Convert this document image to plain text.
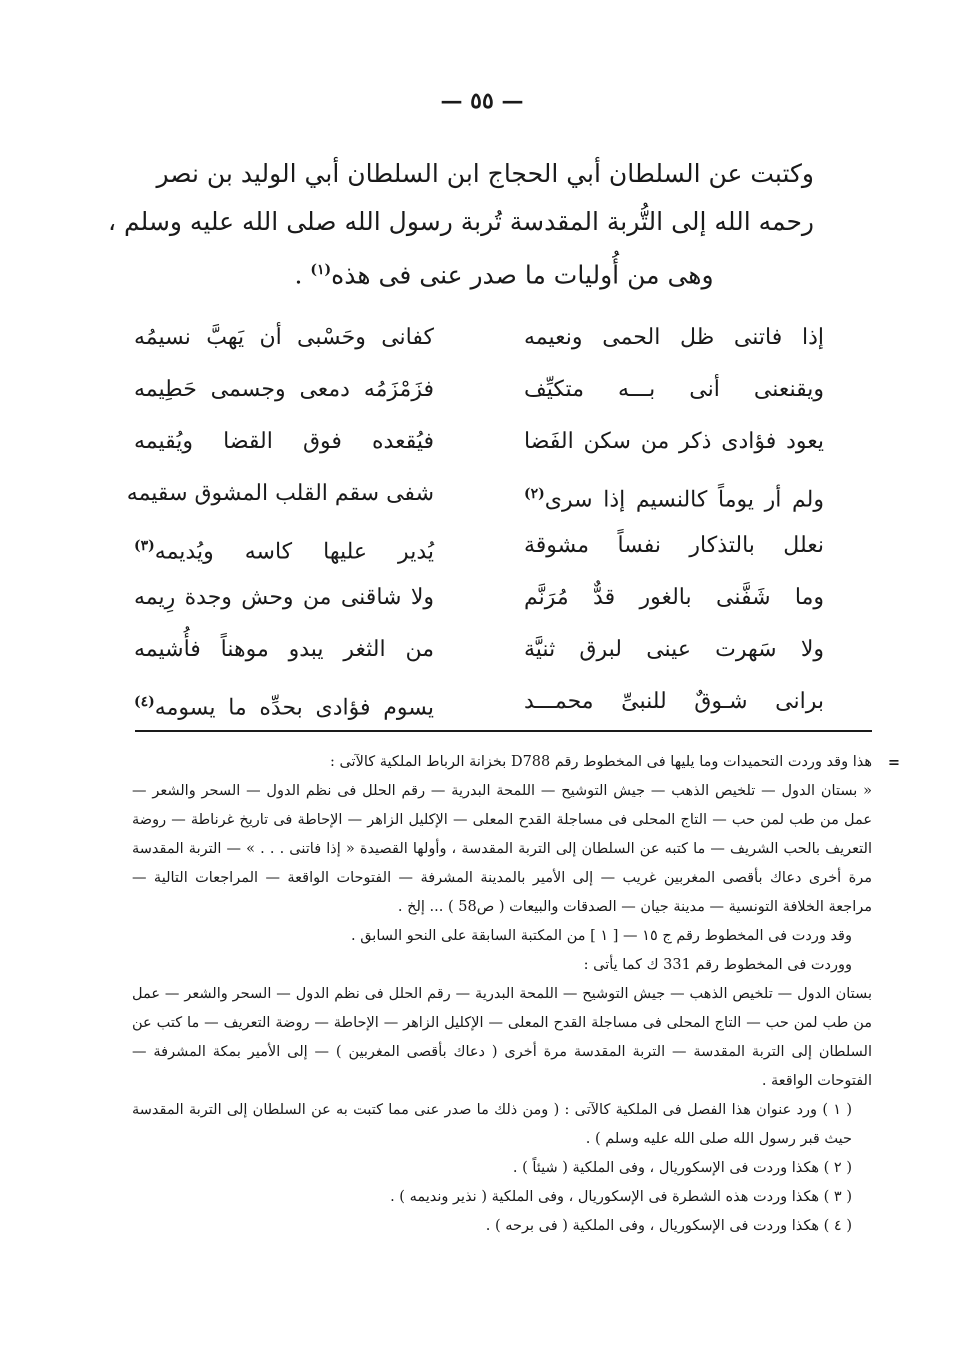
— ٥٥ —
وكتبت عن السلطان أبي الحجاج ابن السلطان أبي الوليد بن نصر
رحمه الله إلى التُّربة المقدسة تُربة رسول الله صلى الله عليه وسلم ،
وهى من أُوليات ما صدر عنى فى هذه$^{(١)}$ .
إذا فاتنى ظل الحمى ونعيمه
كفانى وحَسْبى أن يَهبَّ نسيمُه
ويقنعنى أنى بـــه متكيِّف
فزَمْزَمُه دمعى وجسمى حَطِيمه
يعود فؤادى ذكر من سكن الفَضا
فيُقعده فوق القضا ويُقيمه
ولم أر يوماً كالنسيم إذا سرى$^{(٢)}$
شفى سقم القلب المشوق سقيمه
نعلل بالتذكار نفساً مشوقة
يُدير عليها كاسه ويُديمه$^{(٣)}$
وما شَفَّنى بالغور قدٌّ مُرَنَّم
ولا شاقنى من وحش وجدة رِيمه
ولا سَهرت عينى لبرق ثنيَّة
من الثغر يبدو موهناً فأُشيمه
برانى شـوقٌ للنبىِّ محمـــد
يسوم فؤادى بحدِّه ما يسومه$^{(٤)}$
=

هذا وقد وردت التحميدات وما يليها فى المخطوط رقم D788 بخزانة الرباط الملكية كالآتى :

« بستان الدول — تلخيص الذهب — جيش التوشيح — اللمحة البدرية — رقم الحلل فى نظم الدول — السحر والشعر — عمل من طب لمن حب — التاج المحلى فى مساجلة القدح المعلى — الإكليل الزاهر — الإحاطة فى تاريخ غرناطة — روضة التعريف بالحب الشريف — ما كتبه عن السلطان إلى التربة المقدسة ، وأولها القصيدة « إذا فاتنى . . . » — التربة المقدسة مرة أخرى دعاك بأقصى المغربين غريب — إلى الأمير بالمدينة المشرفة — الفتوحات الواقعة — المراجعات التالية — مراجعة الخلافة التونسية — مدينة جيان — الصدقات والبيعات ( ص58 ) ... إلخ .

وقد وردت فى المخطوط رقم ج ١٥ — [ ١ ] من المكتبة السابقة على النحو السابق .

ووردت فى المخطوط رقم 331 ك كما يأتى :

بستان الدول — تلخيص الذهب — جيش التوشيح — اللمحة البدرية — رقم الحلل فى نظم الدول — السحر والشعر — عمل من طب لمن حب — التاج المحلى فى مساجلة القدح المعلى — الإكليل الزاهر — الإحاطة — روضة التعريف — ما كتب عن السلطان إلى التربة المقدسة — التربة المقدسة مرة أخرى ( دعاك بأقصى المغربين ) — إلى الأمير بمكة المشرفة — الفتوحات الواقعة .

( ١ ) ورد عنوان هذا الفصل فى الملكية كالآتى : ( ومن ذلك ما صدر عنى مما كتبت به عن السلطان إلى التربة المقدسة حيث قبر رسول الله صلى الله عليه وسلم ) .

( ٢ ) هكذا وردت فى الإسكوريال ، وفى الملكية ( شيئاً ) .

( ٣ ) هكذا وردت هذه الشطرة فى الإسكوريال ، وفى الملكية ( نذير ونديمه ) .

( ٤ ) هكذا وردت فى الإسكوريال ، وفى الملكية ( فى برحه ) .
